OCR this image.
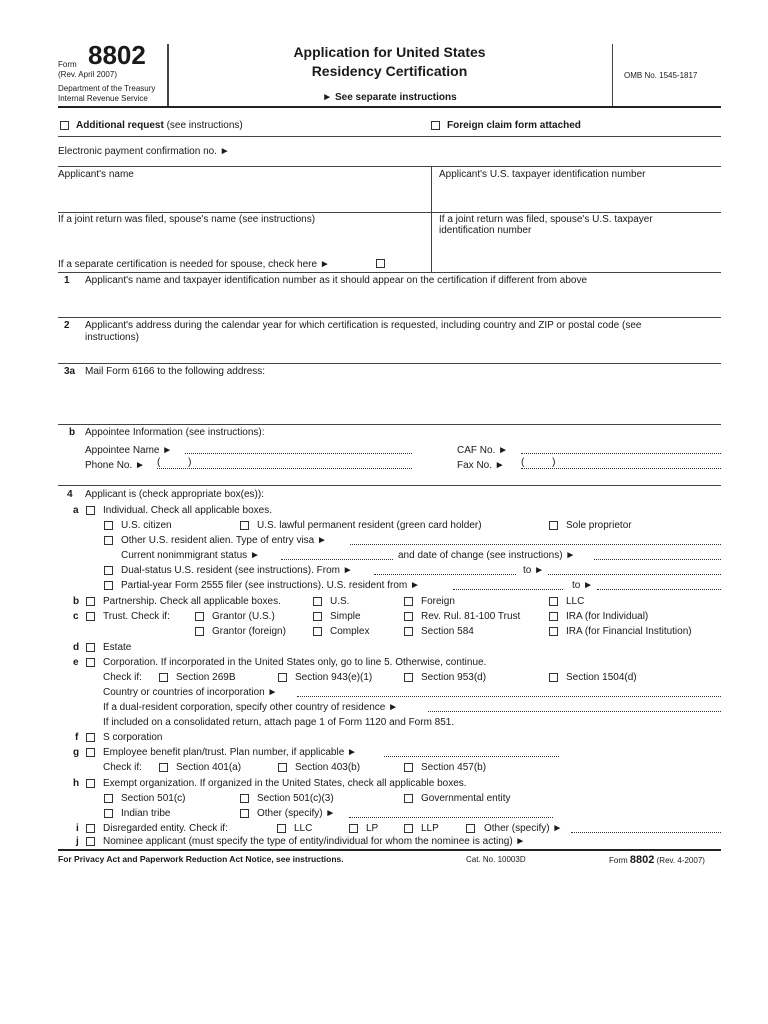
Form 8802
(Rev. April 2007)
Department of the Treasury
Internal Revenue Service
Application for United States
Residency Certification
► See separate instructions
OMB No. 1545-1817
Additional request (see instructions)	Foreign claim form attached
Electronic payment confirmation no. ►
Applicant's name	Applicant's U.S. taxpayer identification number
If a joint return was filed, spouse's name (see instructions)	If a joint return was filed, spouse's U.S. taxpayer
identification number
If a separate certification is needed for spouse, check here ►
1 Applicant's name and taxpayer identification number as it should appear on the certification if different from above
2 Applicant's address during the calendar year for which certification is requested, including country and ZIP or postal code (see
instructions)
3a Mail Form 6166 to the following address:
b Appointee Information (see instructions):
Appointee Name ►
Phone No. ► (          )
CAF No. ►
Fax No. ► (          )
4 Applicant is (check appropriate box(es)):
a Individual. Check all applicable boxes.
U.S. citizen	U.S. lawful permanent resident (green card holder)	Sole proprietor
Other U.S. resident alien. Type of entry visa ►
Current nonimmigrant status ►	and date of change (see instructions) ►
Dual-status U.S. resident (see instructions). From ►	to ►
Partial-year Form 2555 filer (see instructions). U.S. resident from ►	to ►
b Partnership. Check all applicable boxes.	U.S.	Foreign	LLC
c Trust. Check if:	Grantor (U.S.)	Simple	Rev. Rul. 81-100 Trust	IRA (for Individual)
Grantor (foreign)	Complex	Section 584	IRA (for Financial Institution)
d Estate
e Corporation. If incorporated in the United States only, go to line 5. Otherwise, continue.
Check if:	Section 269B	Section 943(e)(1)	Section 953(d)	Section 1504(d)
Country or countries of incorporation ►
If a dual-resident corporation, specify other country of residence ►
If included on a consolidated return, attach page 1 of Form 1120 and Form 851.
f S corporation
g Employee benefit plan/trust. Plan number, if applicable ►
Check if:	Section 401(a)	Section 403(b)	Section 457(b)
h Exempt organization. If organized in the United States, check all applicable boxes.
Section 501(c)	Section 501(c)(3)	Governmental entity
Indian tribe	Other (specify) ►
i Disregarded entity. Check if:	LLC	LP	LLP	Other (specify) ►
j Nominee applicant (must specify the type of entity/individual for whom the nominee is acting) ►
For Privacy Act and Paperwork Reduction Act Notice, see instructions.	Cat. No. 10003D	Form 8802 (Rev. 4-2007)
